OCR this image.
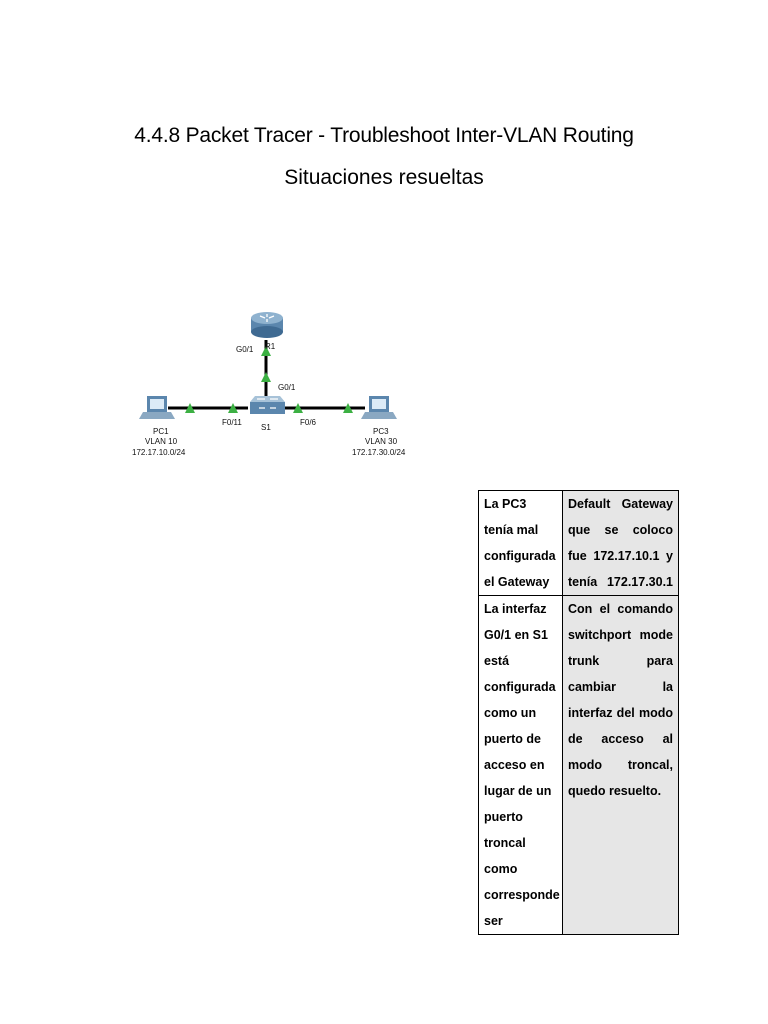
4.4.8 Packet Tracer - Troubleshoot Inter-VLAN Routing
Situaciones resueltas
G0/1 R1
G0/1
F0/11
S1
F0/6
PC1
VLAN 10
172.17.10.0/24
PC3
VLAN 30
172.17.30.0/24
La PC3 tenía mal configurada el Gateway	Default Gateway que se coloco fue 172.17.10.1 y tenía 172.17.30.1
La interfaz G0/1 en S1 está configurada como un puerto de acceso en lugar de un puerto troncal como corresponde ser	Con el comando switchport mode trunk para cambiar la interfaz del modo de acceso al modo troncal, quedo resuelto.
